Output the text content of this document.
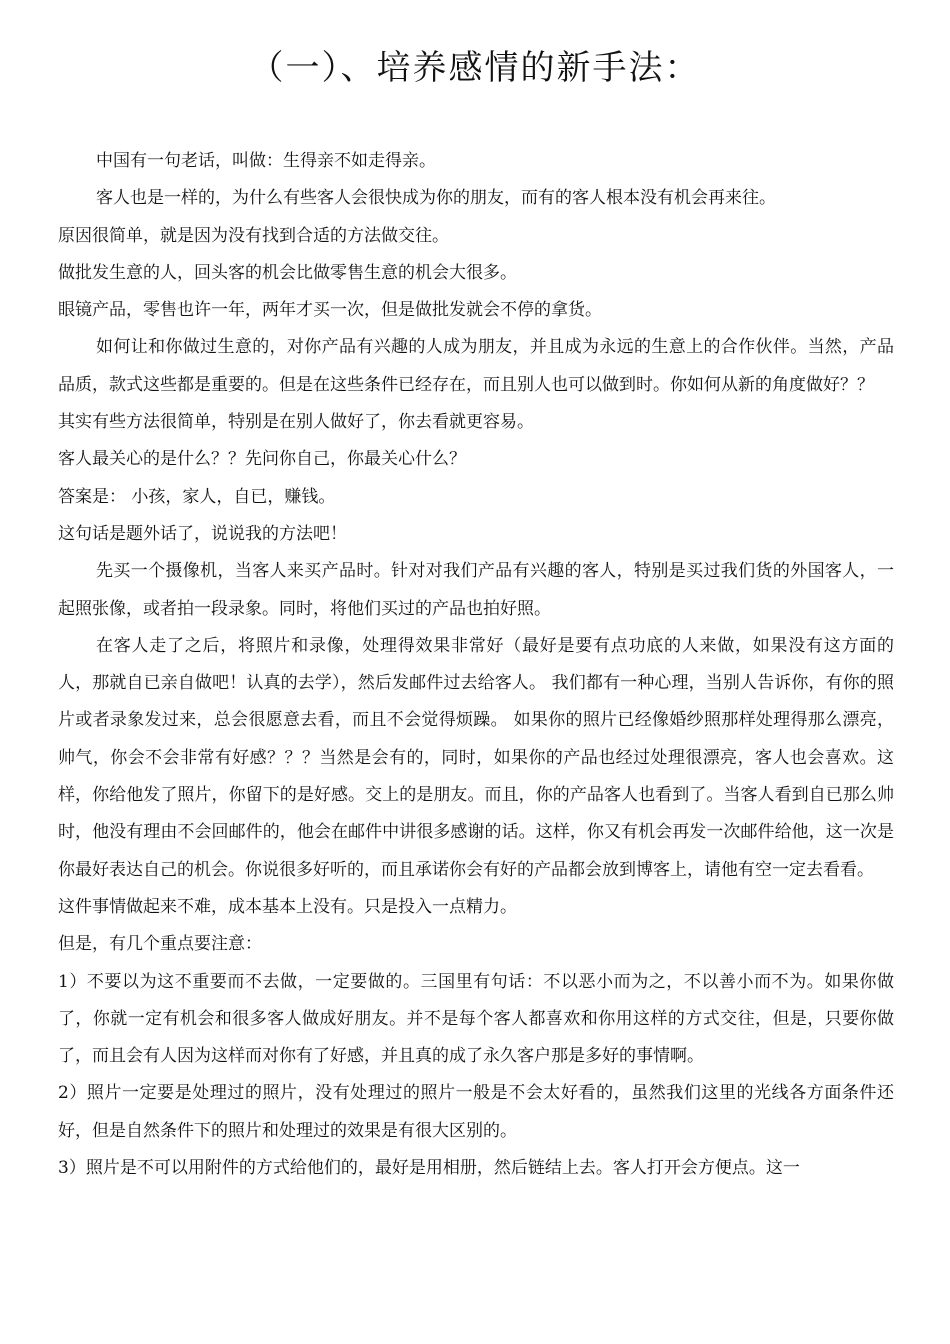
（一）、培养感情的新手法：

中国有一句老话，叫做：生得亲不如走得亲。

客人也是一样的，为什么有些客人会很快成为你的朋友，而有的客人根本没有机会再来往。

原因很简单，就是因为没有找到合适的方法做交往。

做批发生意的人，回头客的机会比做零售生意的机会大很多。

眼镜产品，零售也许一年，两年才买一次，但是做批发就会不停的拿货。

如何让和你做过生意的，对你产品有兴趣的人成为朋友，并且成为永远的生意上的合作伙伴。当然，产品品质，款式这些都是重要的。但是在这些条件已经存在，而且别人也可以做到时。你如何从新的角度做好？？

其实有些方法很简单，特别是在别人做好了，你去看就更容易。

客人最关心的是什么？？先问你自己，你最关心什么？

答案是： 小孩，家人，自已，赚钱。

这句话是题外话了，说说我的方法吧！

先买一个摄像机，当客人来买产品时。针对对我们产品有兴趣的客人，特别是买过我们货的外国客人，一起照张像，或者拍一段录象。同时，将他们买过的产品也拍好照。

在客人走了之后，将照片和录像，处理得效果非常好（最好是要有点功底的人来做，如果没有这方面的人，那就自已亲自做吧！认真的去学），然后发邮件过去给客人。 我们都有一种心理，当别人告诉你，有你的照片或者录象发过来，总会很愿意去看，而且不会觉得烦躁。 如果你的照片已经像婚纱照那样处理得那么漂亮，帅气，你会不会非常有好感？？？当然是会有的，同时，如果你的产品也经过处理很漂亮，客人也会喜欢。这样，你给他发了照片，你留下的是好感。交上的是朋友。而且，你的产品客人也看到了。当客人看到自已那么帅时，他没有理由不会回邮件的，他会在邮件中讲很多感谢的话。这样，你又有机会再发一次邮件给他，这一次是你最好表达自己的机会。你说很多好听的，而且承诺你会有好的产品都会放到博客上，请他有空一定去看看。

这件事情做起来不难，成本基本上没有。只是投入一点精力。

但是，有几个重点要注意：

1）不要以为这不重要而不去做，一定要做的。三国里有句话：不以恶小而为之，不以善小而不为。如果你做了，你就一定有机会和很多客人做成好朋友。并不是每个客人都喜欢和你用这样的方式交往，但是，只要你做了，而且会有人因为这样而对你有了好感，并且真的成了永久客户那是多好的事情啊。

2）照片一定要是处理过的照片，没有处理过的照片一般是不会太好看的，虽然我们这里的光线各方面条件还好，但是自然条件下的照片和处理过的效果是有很大区别的。

3）照片是不可以用附件的方式给他们的，最好是用相册，然后链结上去。客人打开会方便点。这一
